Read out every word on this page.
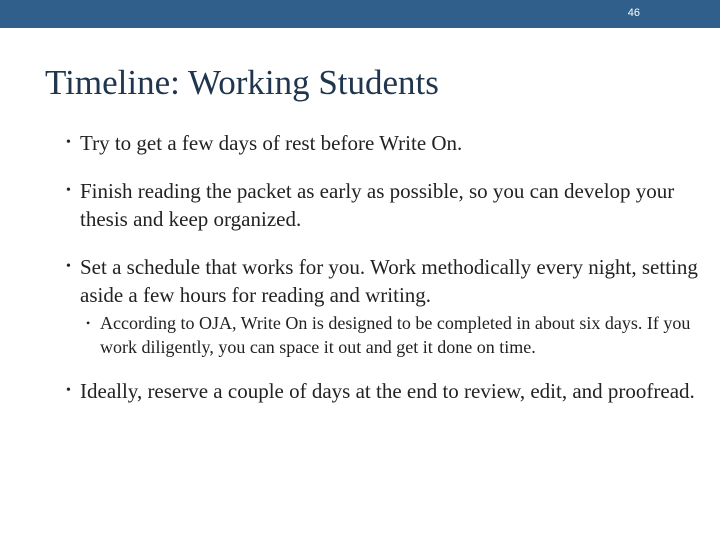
46
Timeline: Working Students
• Try to get a few days of rest before Write On.
• Finish reading the packet as early as possible, so you can develop your thesis and keep organized.
• Set a schedule that works for you. Work methodically every night, setting aside a few hours for reading and writing.
• According to OJA, Write On is designed to be completed in about six days. If you work diligently, you can space it out and get it done on time.
• Ideally, reserve a couple of days at the end to review, edit, and proofread.
